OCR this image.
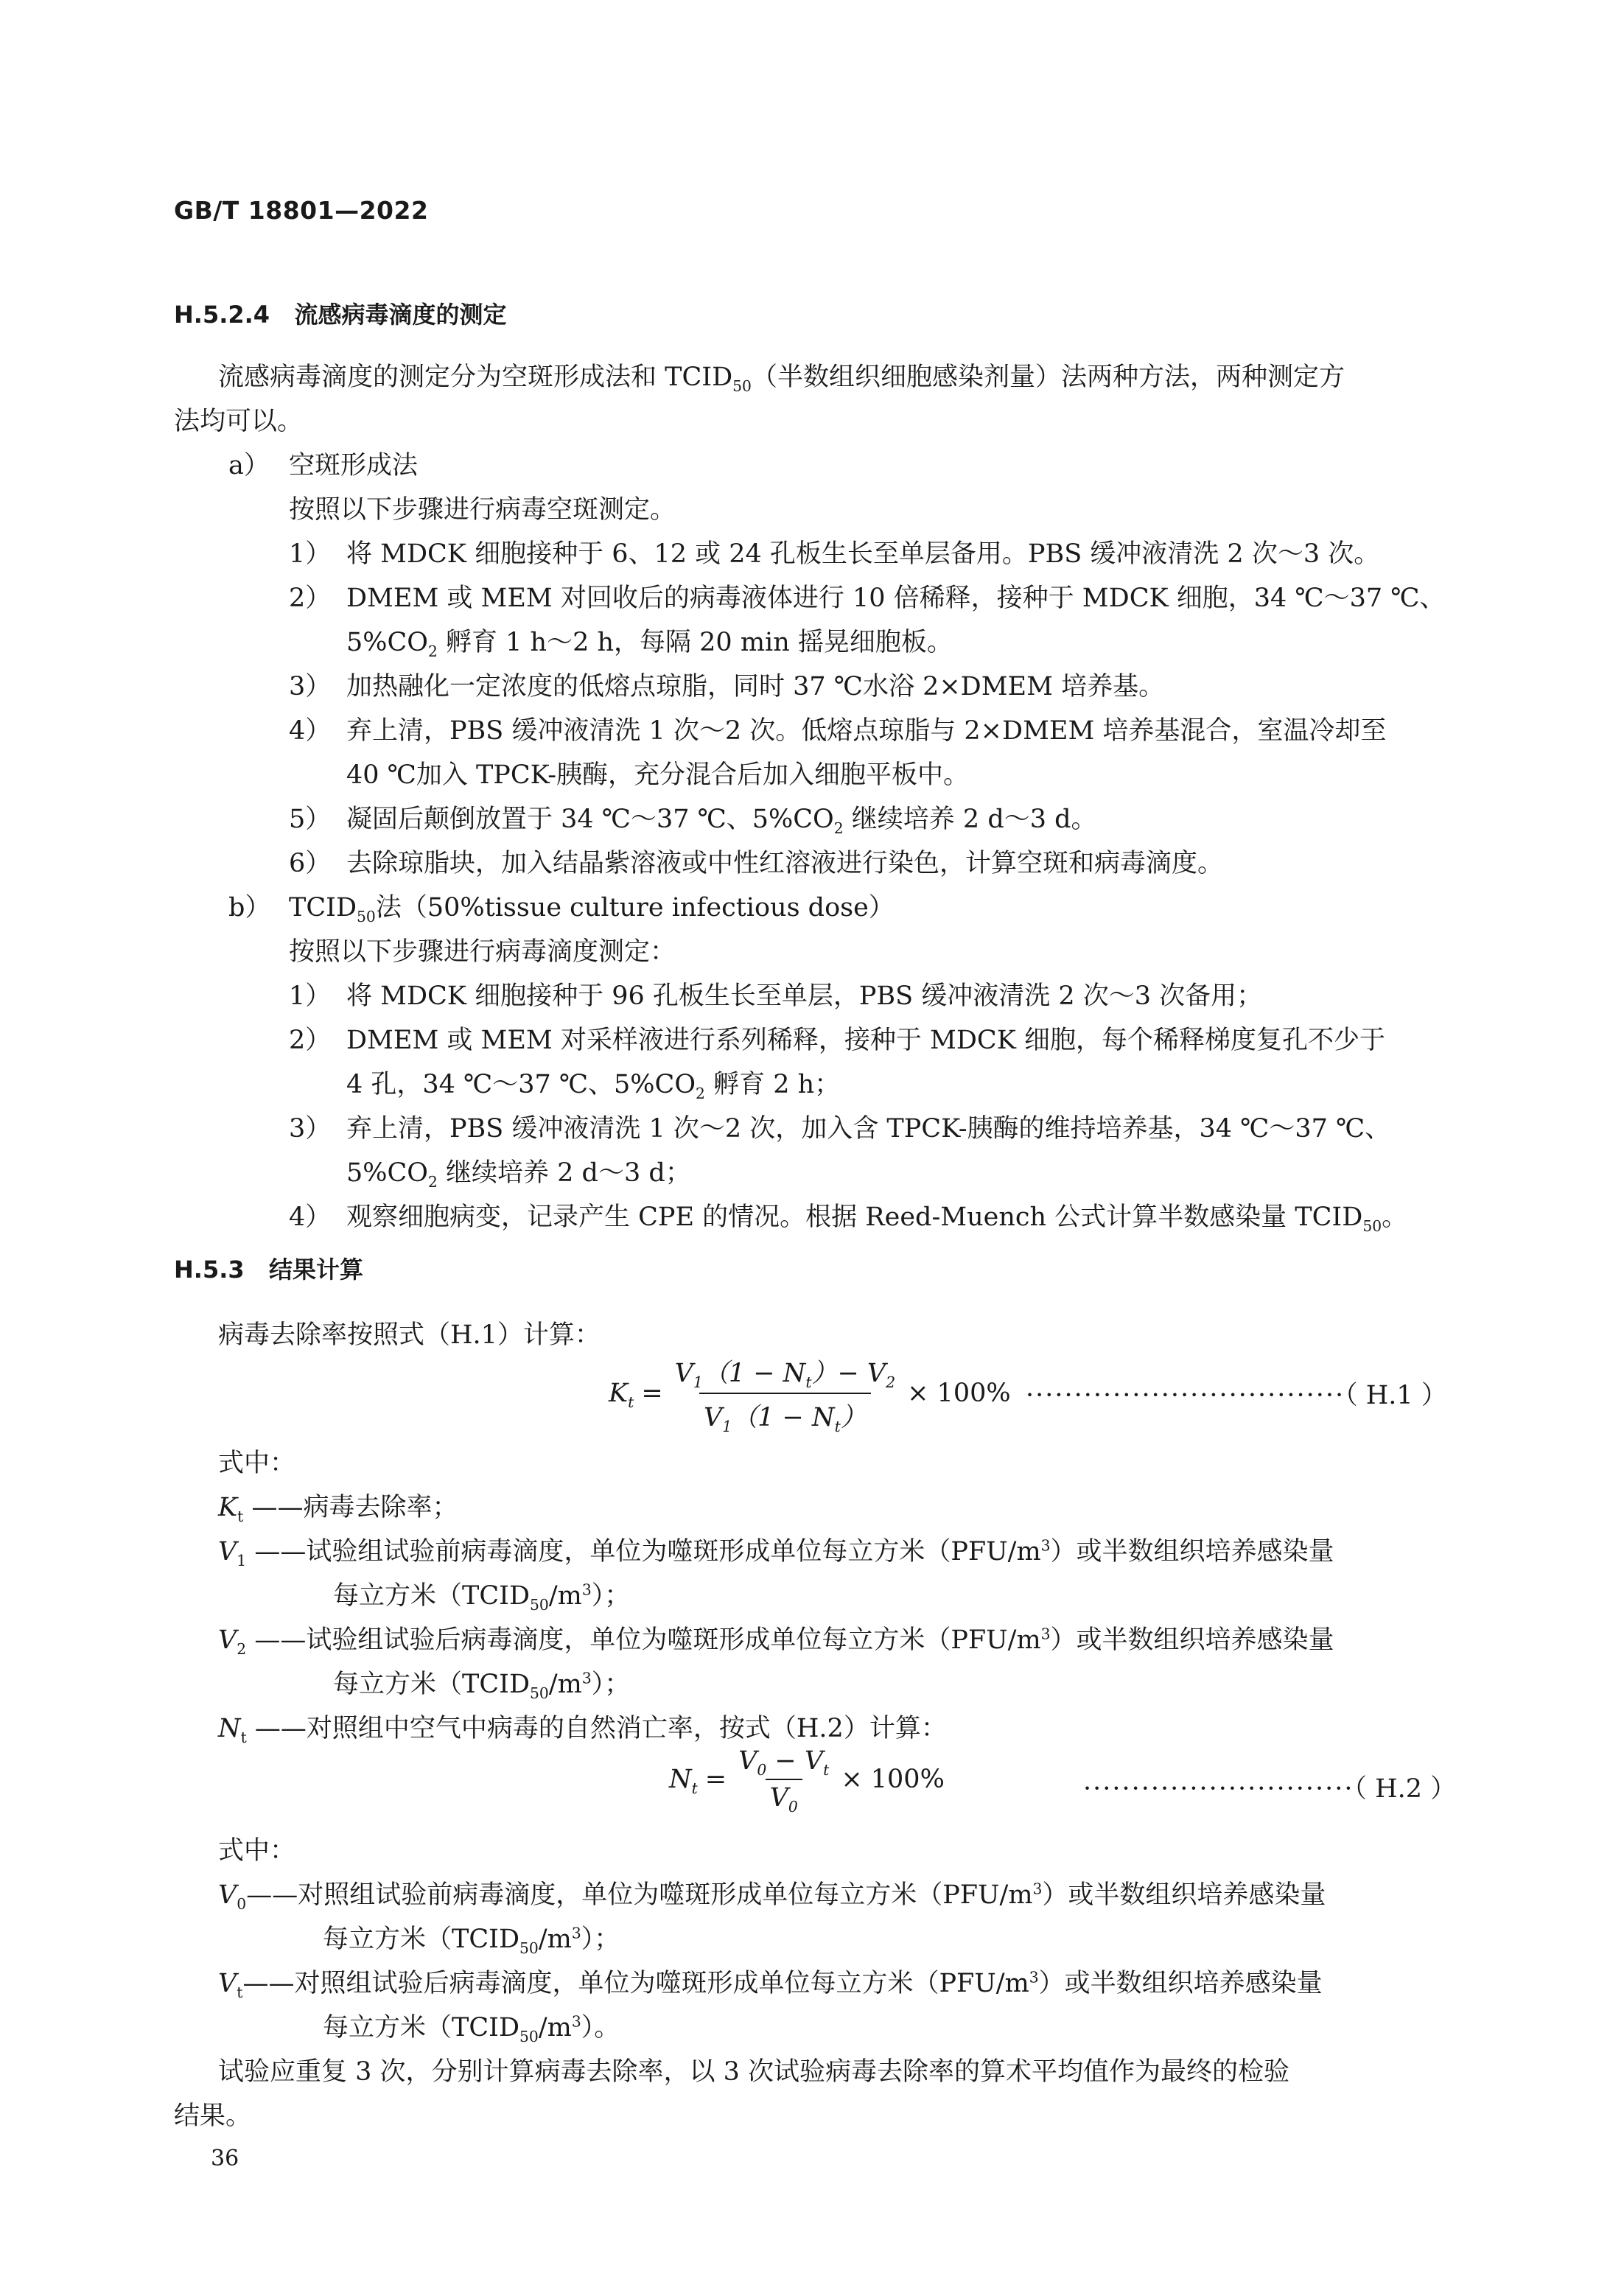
GB/T 18801—2022
H.5.2.4 流感病毒滴度的测定
流感病毒滴度的测定分为空斑形成法和 $TCID_{50}$（半数组织细胞感染剂量）法两种方法，两种测定方
法均可以。
a） 空斑形成法
按照以下步骤进行病毒空斑测定。
1） 将 MDCK 细胞接种于 6、12 或 24 孔板生长至单层备用。PBS 缓冲液清洗 2 次～3 次。
2） DMEM 或 MEM 对回收后的病毒液体进行 10 倍稀释，接种于 MDCK 细胞，34 ℃～37 ℃、
$5\%CO_2$ 孵育 1 h～2 h，每隔 20 min 摇晃细胞板。
3） 加热融化一定浓度的低熔点琼脂，同时 37 ℃水浴 2×DMEM 培养基。
4） 弃上清，PBS 缓冲液清洗 1 次～2 次。低熔点琼脂与 2×DMEM 培养基混合，室温冷却至
40 ℃加入 TPCK-胰酶，充分混合后加入细胞平板中。
5） 凝固后颠倒放置于 34 ℃～37 ℃、$5\%CO_2$ 继续培养 2 d～3 d。
6） 去除琼脂块，加入结晶紫溶液或中性红溶液进行染色，计算空斑和病毒滴度。
b） $TCID_{50}$法（50%tissue culture infectious dose）
按照以下步骤进行病毒滴度测定：
1） 将 MDCK 细胞接种于 96 孔板生长至单层，PBS 缓冲液清洗 2 次～3 次备用；
2） DMEM 或 MEM 对采样液进行系列稀释，接种于 MDCK 细胞，每个稀释梯度复孔不少于
4 孔，34 ℃～37 ℃、$5\%CO_2$ 孵育 2 h；
3） 弃上清，PBS 缓冲液清洗 1 次～2 次，加入含 TPCK-胰酶的维持培养基，34 ℃～37 ℃、
$5\%CO_2$ 继续培养 2 d～3 d；
4） 观察细胞病变，记录产生 CPE 的情况。根据 Reed-Muench 公式计算半数感染量 $TCID_{50}$。
H.5.3 结果计算
病毒去除率按照式（H.1）计算：
$K_t = \frac{V_1(1 - N_t)- V_2}{V_1(1 - N_t)} \times 100\%$ ·································（ H.1 ）
式中：
$K_t$ ——病毒去除率；
$V_1$ ——试验组试验前病毒滴度，单位为噬斑形成单位每立方米$(PFU/m^3)$或半数组织培养感染量
每立方米$(TCID_{50}/m^3)$；
$V_2$ ——试验组试验后病毒滴度，单位为噬斑形成单位每立方米$(PFU/m^3)$或半数组织培养感染量
每立方米$(TCID_{50}/m^3)$；
$N_t$ ——对照组中空气中病毒的自然消亡率，按式（H.2）计算：
$N_t = \frac{V_0 - V_t}{V_0} \times 100\%$	····························（ H.2 ）
式中：
$V_0——$对照组试验前病毒滴度，单位为噬斑形成单位每立方米$(PFU/m^3)$或半数组织培养感染量
每立方米$(TCID_{50}/m^3)$；
$V_t——$对照组试验后病毒滴度，单位为噬斑形成单位每立方米$(PFU/m^3)$或半数组织培养感染量
每立方米$(TCID_{50}/m^3)$。
试验应重复 3 次，分别计算病毒去除率，以 3 次试验病毒去除率的算术平均值作为最终的检验
结果。
36
